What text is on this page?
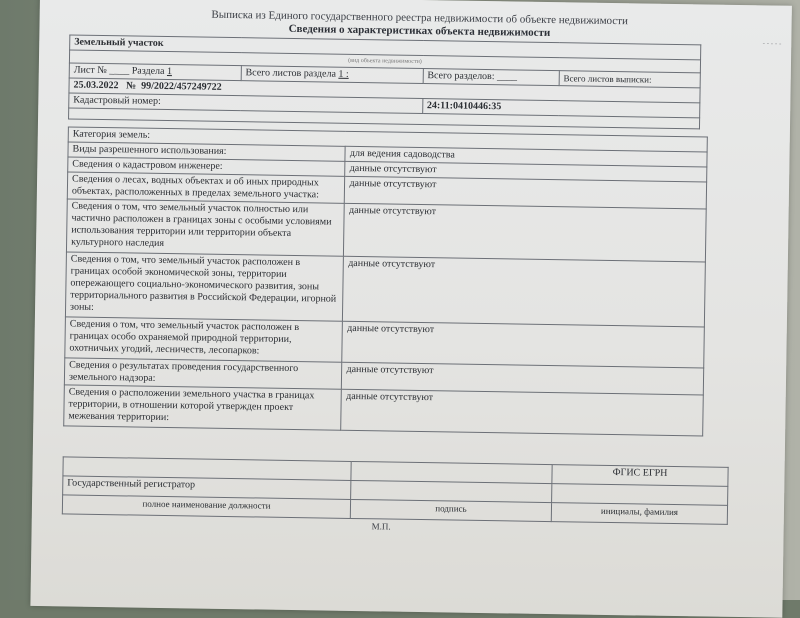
Выписка из Единого государственного реестра недвижимости об объекте недвижимости
Сведения о характеристиках объекта недвижимости
- - - - -
Земельный участок			
(вид объекта недвижимости)			
Лист № ____ Раздела 1	Всего листов раздела 1 :	Всего разделов: ____	Всего листов выписки:
25.03.2022 № 99/2022/457249722			
Кадастровый номер:		24:11:0410446:35	

Категория земель:	
Виды разрешенного использования:	для ведения садоводства
Сведения о кадастровом инженере:	данные отсутствуют
Сведения о лесах, водных объектах и об иных природных объектах, расположенных в пределах земельного участка:	данные отсутствуют
Сведения о том, что земельный участок полностью или частично расположен в границах зоны с особыми условиями использования территории или территории объекта культурного наследия	данные отсутствуют
Сведения о том, что земельный участок расположен в границах особой экономической зоны, территории опережающего социально-экономического развития, зоны территориального развития в Российской Федерации, игорной зоны:	данные отсутствуют
Сведения о том, что земельный участок расположен в границах особо охраняемой природной территории, охотничьих угодий, лесничеств, лесопарков:	данные отсутствуют
Сведения о результатах проведения государственного земельного надзора:	данные отсутствуют
Сведения о расположении земельного участка в границах территории, в отношении которой утвержден проект межевания территории:	данные отсутствуют
		ФГИС ЕГРН
Государственный регистратор		
полное наименование должности	подпись	инициалы, фамилия
М.П.
